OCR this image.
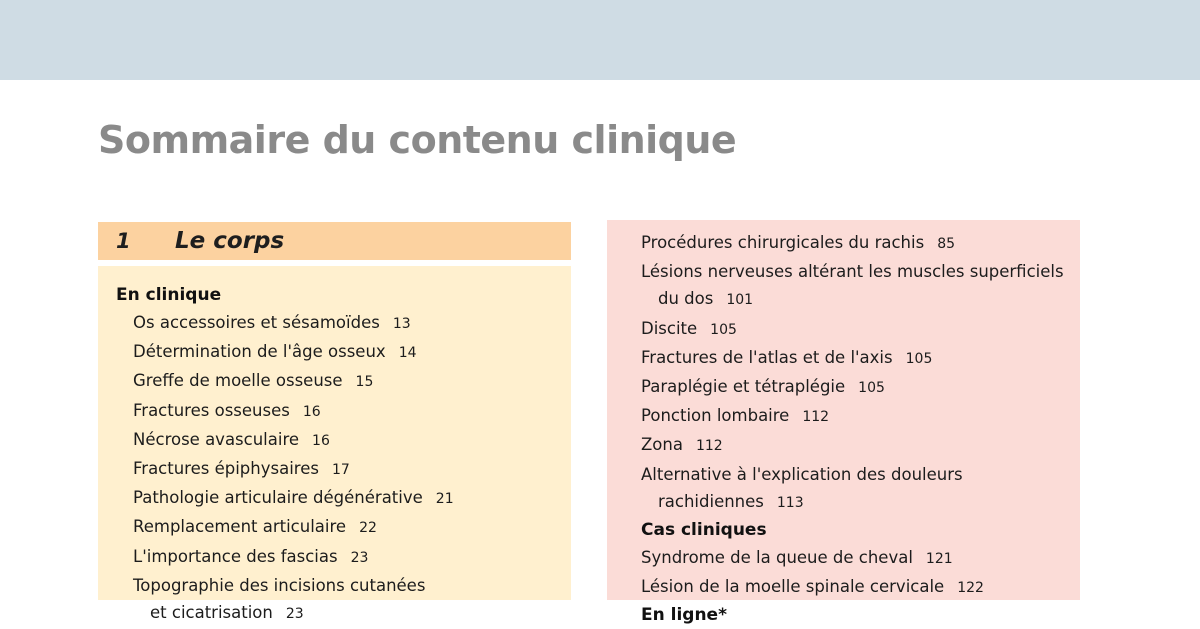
Sommaire du contenu clinique
1	Le corps
En clinique
Os accessoires et sésamoïdes 13
Détermination de l'âge osseux 14
Greffe de moelle osseuse 15
Fractures osseuses 16
Nécrose avasculaire 16
Fractures épiphysaires 17
Pathologie articulaire dégénérative 21
Remplacement articulaire 22
L'importance des fascias 23
Topographie des incisions cutanées
et cicatrisation 23
Procédures chirurgicales du rachis 85
Lésions nerveuses altérant les muscles superficiels
du dos 101
Discite 105
Fractures de l'atlas et de l'axis 105
Paraplégie et tétraplégie 105
Ponction lombaire 112
Zona 112
Alternative à l'explication des douleurs
rachidiennes 113
Cas cliniques
Syndrome de la queue de cheval 121
Lésion de la moelle spinale cervicale 122
En ligne*
